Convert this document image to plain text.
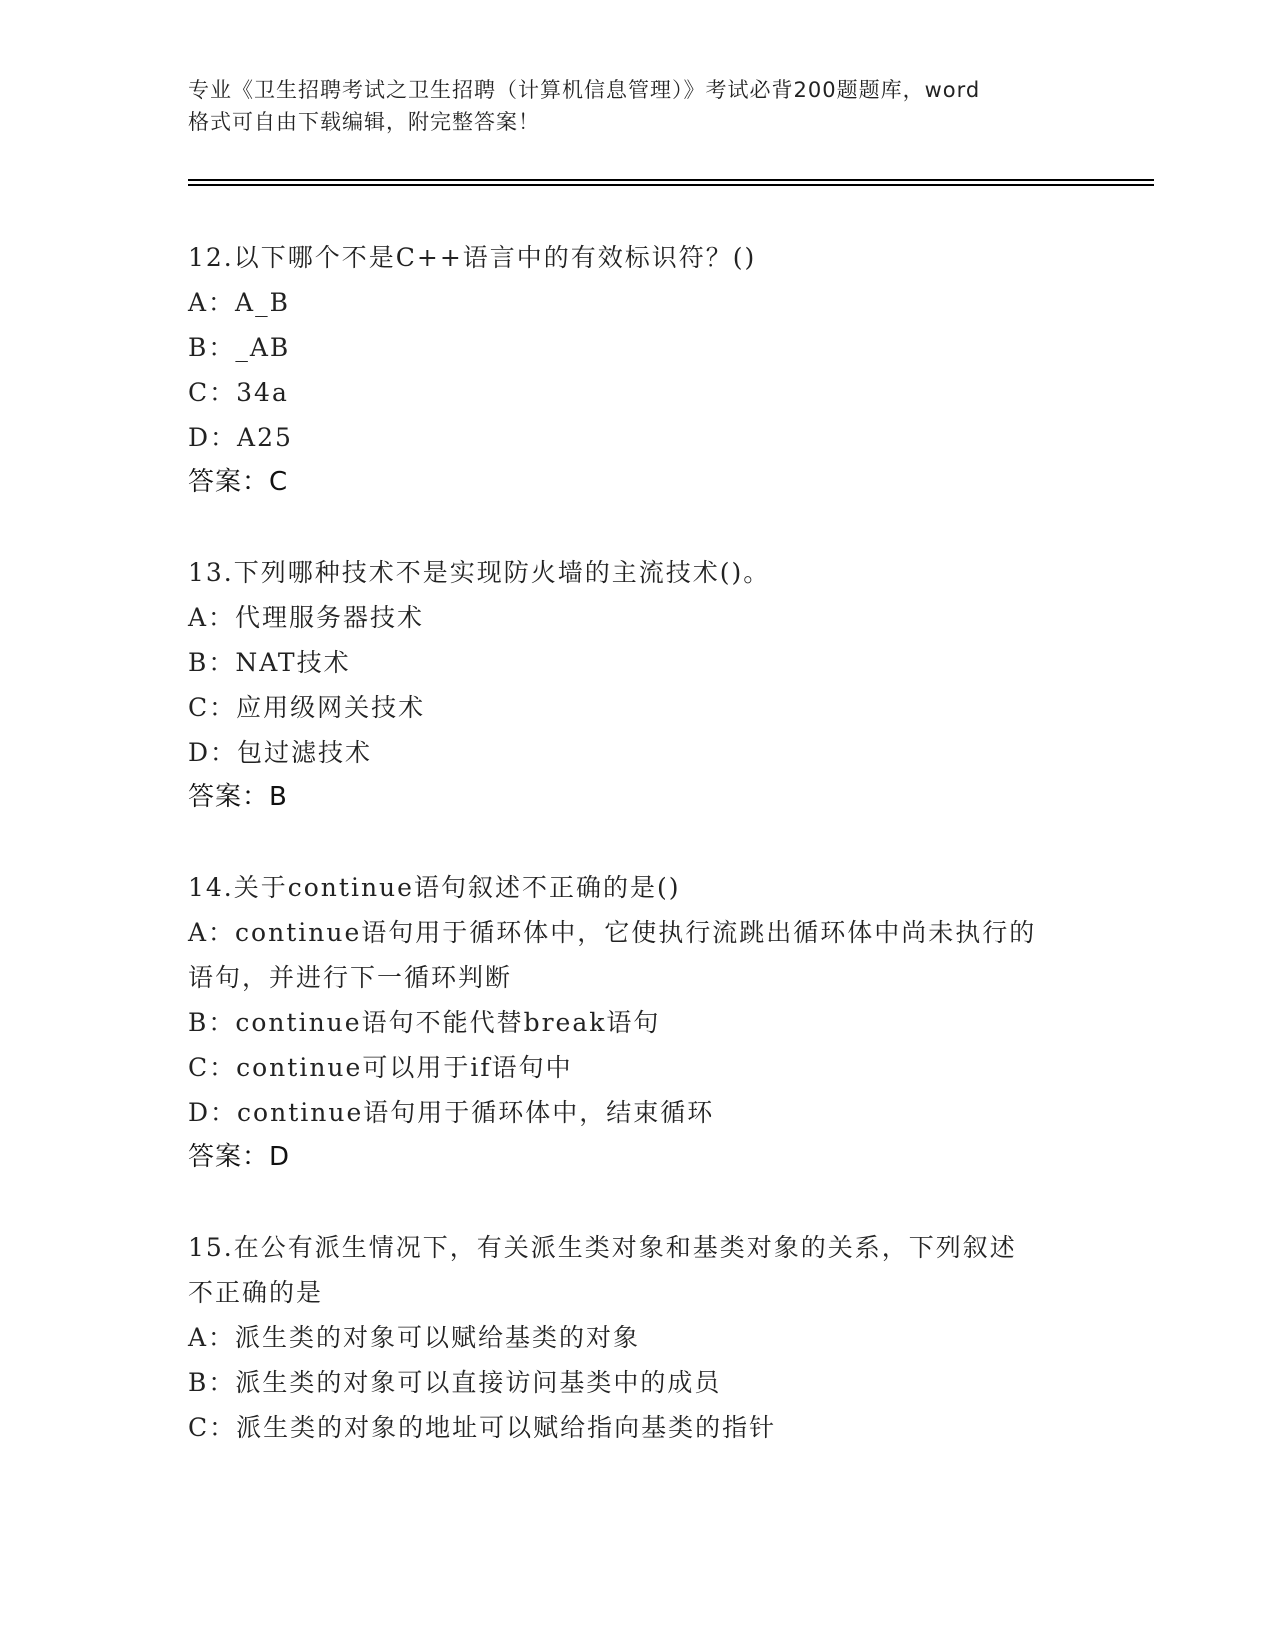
专业《卫生招聘考试之卫生招聘（计算机信息管理）》考试必背200题题库，word
格式可自由下载编辑，附完整答案！
12.以下哪个不是C++语言中的有效标识符？()
A：A_B
B：_AB
C：34a
D：A25
答案：C
13.下列哪种技术不是实现防火墙的主流技术()。
A：代理服务器技术
B：NAT技术
C：应用级网关技术
D：包过滤技术
答案：B
14.关于continue语句叙述不正确的是()
A：continue语句用于循环体中，它使执行流跳出循环体中尚未执行的
语句，并进行下一循环判断
B：continue语句不能代替break语句
C：continue可以用于if语句中
D：continue语句用于循环体中，结束循环
答案：D
15.在公有派生情况下，有关派生类对象和基类对象的关系，下列叙述
不正确的是
A：派生类的对象可以赋给基类的对象
B：派生类的对象可以直接访问基类中的成员
C：派生类的对象的地址可以赋给指向基类的指针
